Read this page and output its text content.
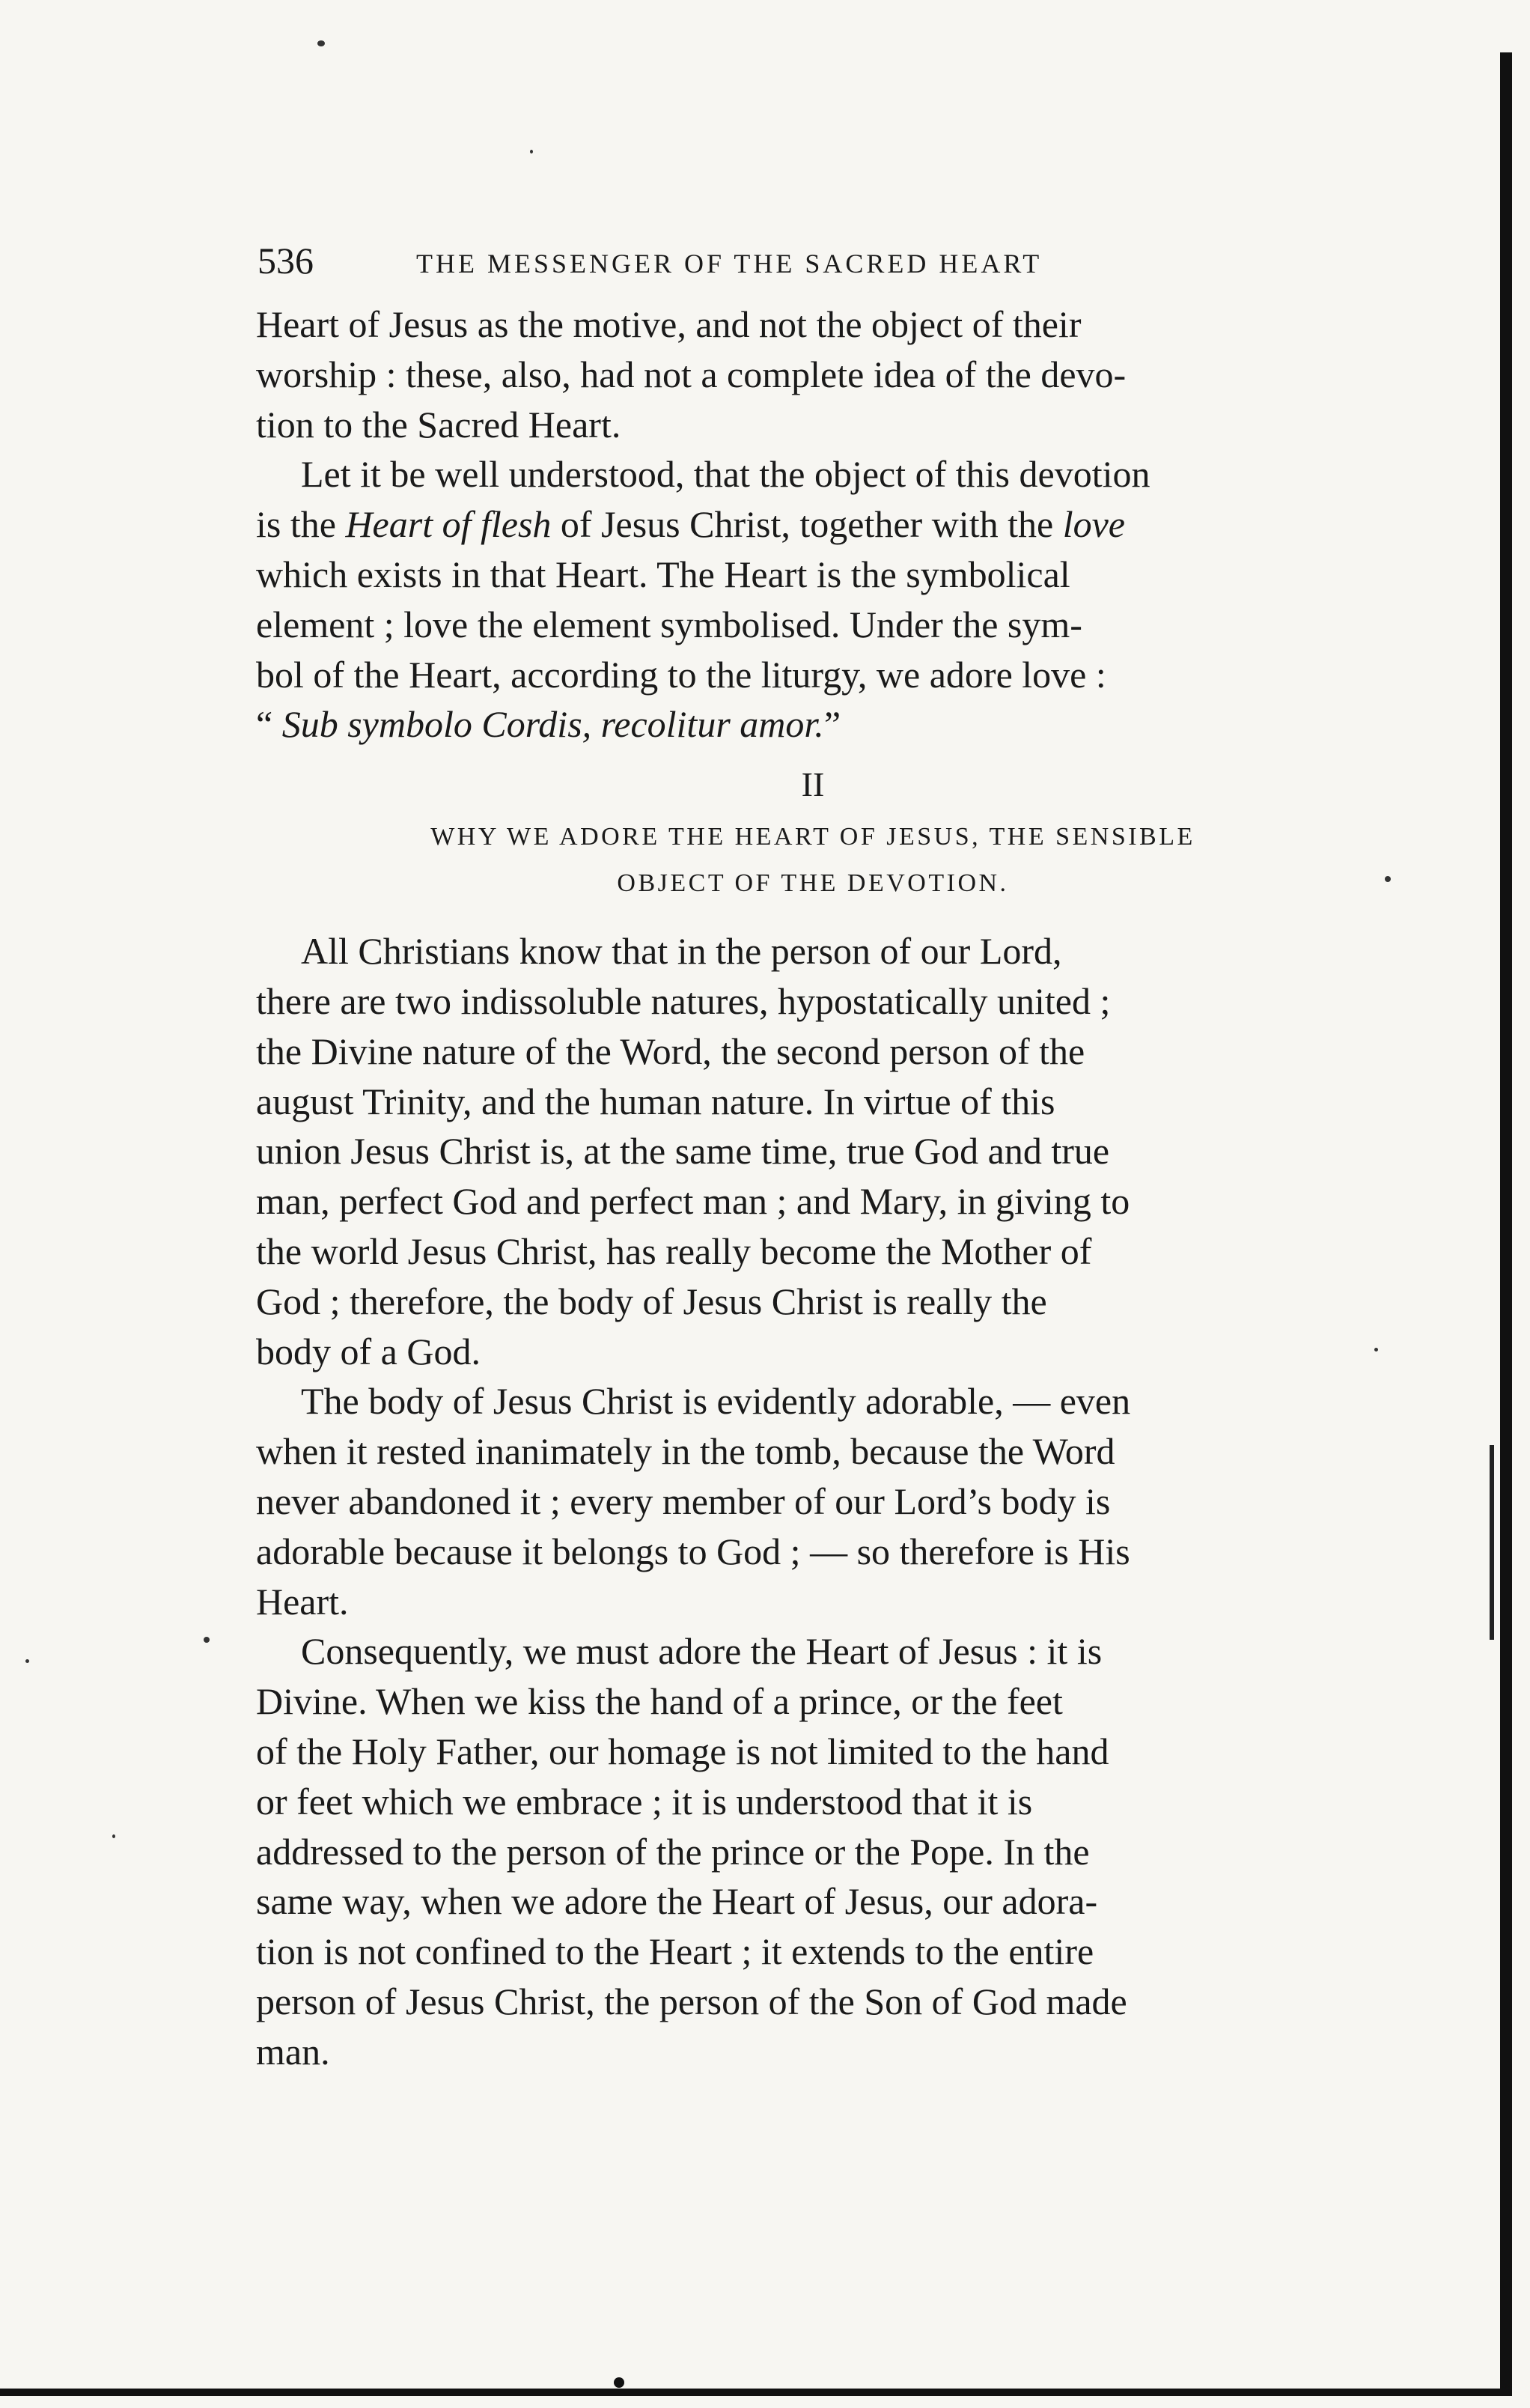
536	THE MESSENGER OF THE SACRED HEART

Heart of Jesus as the motive, and not the object of their
worship : these, also, had not a complete idea of the devo-
tion to the Sacred Heart.

Let it be well understood, that the object of this devotion
is the Heart of flesh of Jesus Christ, together with the love
which exists in that Heart. The Heart is the symbolical
element ; love the element symbolised. Under the sym-
bol of the Heart, according to the liturgy, we adore love :
“ Sub symbolo Cordis, recolitur amor.”

II
WHY WE ADORE THE HEART OF JESUS, THE SENSIBLE
OBJECT OF THE DEVOTION.

All Christians know that in the person of our Lord,
there are two indissoluble natures, hypostatically united ;
the Divine nature of the Word, the second person of the
august Trinity, and the human nature. In virtue of this
union Jesus Christ is, at the same time, true God and true
man, perfect God and perfect man ; and Mary, in giving to
the world Jesus Christ, has really become the Mother of
God ; therefore, the body of Jesus Christ is really the
body of a God.

The body of Jesus Christ is evidently adorable, — even
when it rested inanimately in the tomb, because the Word
never abandoned it ; every member of our Lord’s body is
adorable because it belongs to God ; — so therefore is His
Heart.

Consequently, we must adore the Heart of Jesus : it is
Divine. When we kiss the hand of a prince, or the feet
of the Holy Father, our homage is not limited to the hand
or feet which we embrace ; it is understood that it is
addressed to the person of the prince or the Pope. In the
same way, when we adore the Heart of Jesus, our adora-
tion is not confined to the Heart ; it extends to the entire
person of Jesus Christ, the person of the Son of God made
man.
